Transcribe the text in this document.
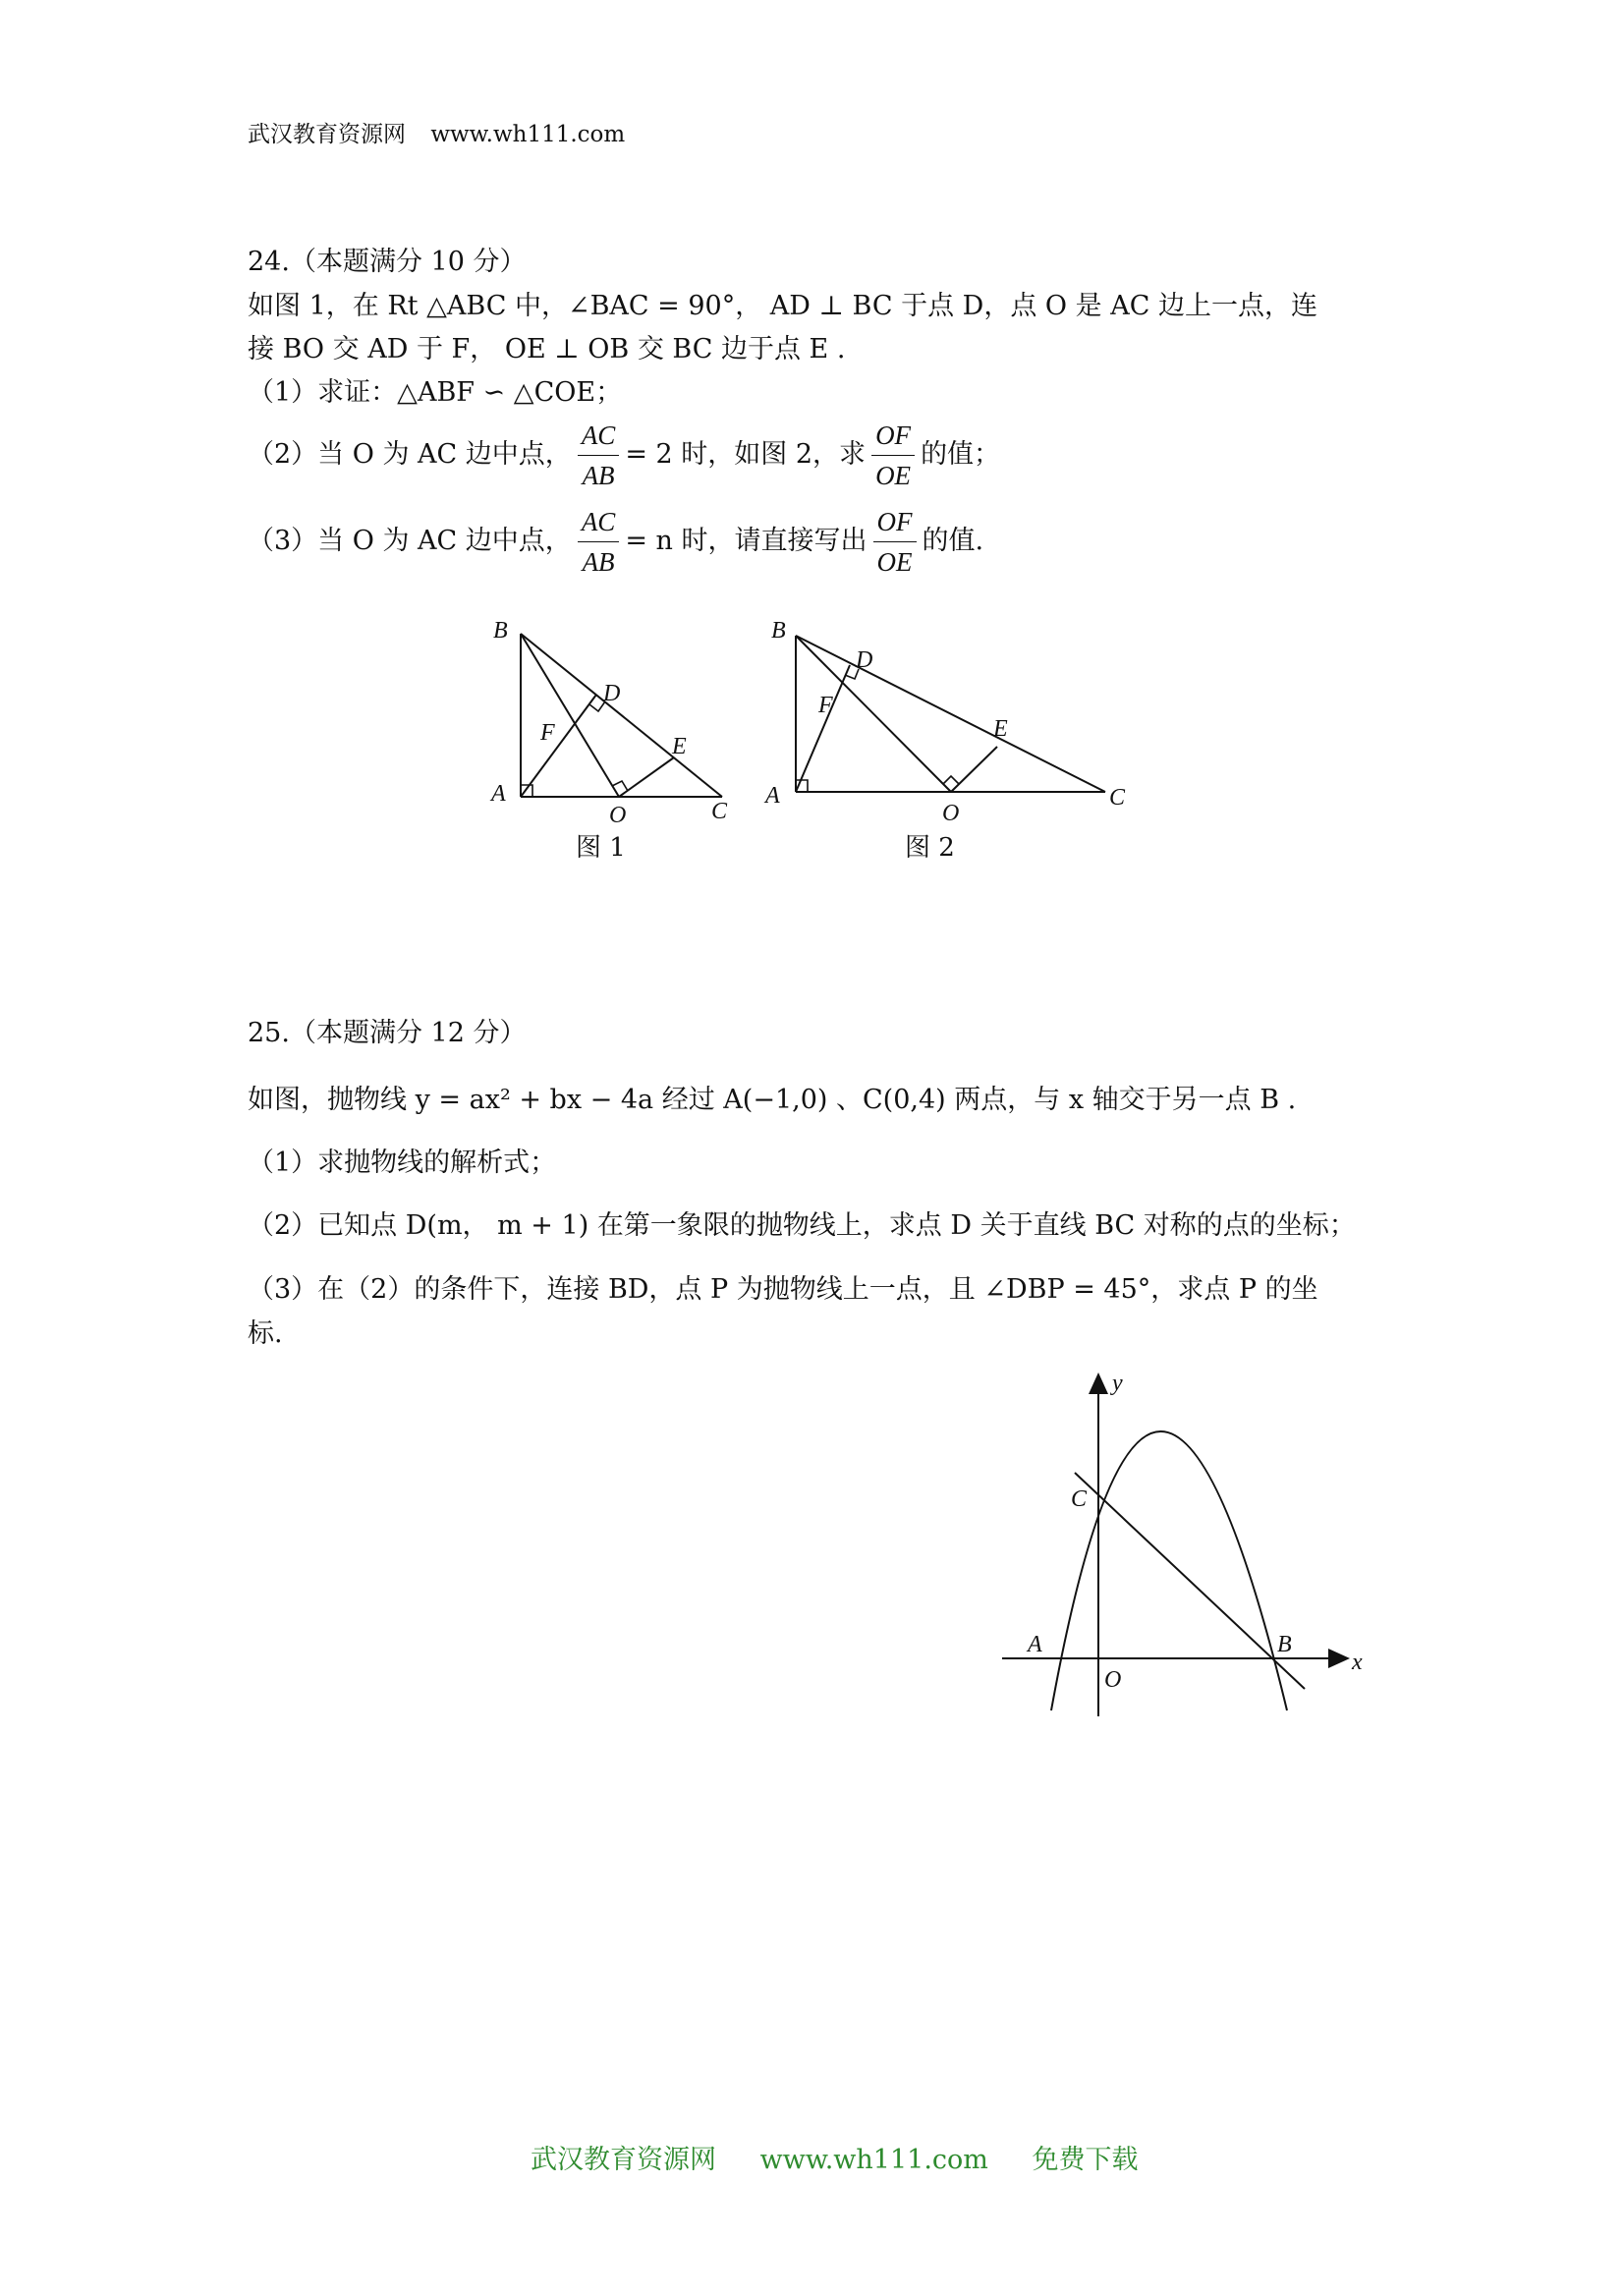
武汉教育资源网 www.wh111.com
24.（本题满分 10 分）
如图 1，在 Rt △ABC 中，∠BAC = 90°， AD ⊥ BC 于点 D，点 O 是 AC 边上一点，连
接 BO 交 AD 于 F， OE ⊥ OB 交 BC 边于点 E .
（1）求证：△ABF ∽ △COE；
（2）当 O 为 AC 边中点， $\frac{AC}{AB} = 2$ 时，如图 2，求 $\frac{OF}{OE}$ 的值；
（3）当 O 为 AC 边中点， $\frac{AC}{AB} = n$ 时，请直接写出 $\frac{OF}{OE}$ 的值.
B
D
F
E
A
O	C
图 1
B
D
F
E
A
O
C
图 2
25.（本题满分 12 分）
如图，抛物线 y = ax² + bx − 4a 经过 A(−1,0) 、C(0,4) 两点，与 x 轴交于另一点 B .
（1）求抛物线的解析式；
（2）已知点 D(m， m + 1) 在第一象限的抛物线上，求点 D 关于直线 BC 对称的点的坐标；
（3）在（2）的条件下，连接 BD，点 P 为抛物线上一点，且 ∠DBP = 45°，求点 P 的坐
标.
y
x
C
A	B
O
武汉教育资源网 www.wh111.com 免费下载
